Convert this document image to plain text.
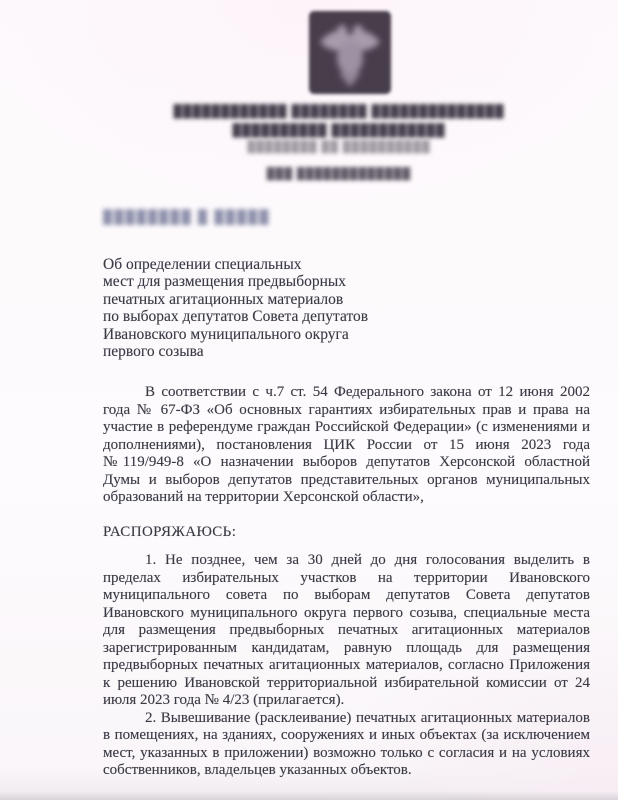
████████████ ████████ ██████████████
██████████ ████████████
████████ ██ ██████████
███ █████████████
████████ █ █████
Об определении специальных
мест для размещения предвыборных
печатных агитационных материалов
по выборах депутатов Совета депутатов
Ивановского муниципального округа
первого созыва

В соответствии с ч.7 ст. 54 Федерального закона от 12 июня 2002 года № 67-ФЗ «Об основных гарантиях избирательных прав и права на участие в референдуме граждан Российской Федерации» (с изменениями и дополнениями), постановления ЦИК России от 15 июня 2023 года №119/949-8 «О назначении выборов депутатов Херсонской областной Думы и выборов депутатов представительных органов муниципальных образований на территории Херсонской области»,

РАСПОРЯЖАЮСЬ:

1. Не позднее, чем за 30 дней до дня голосования выделить в пределах избирательных участков на территории Ивановского муниципального совета по выборам депутатов Совета депутатов Ивановского муниципального округа первого созыва, специальные места для размещения предвыборных печатных агитационных материалов зарегистрированным кандидатам, равную площадь для размещения предвыборных печатных агитационных материалов, согласно Приложения к решению Ивановской территориальной избирательной комиссии от 24 июля 2023 года № 4/23 (прилагается).

2. Вывешивание (расклеивание) печатных агитационных материалов в помещениях, на зданиях, сооружениях и иных объектах (за исключением мест, указанных в приложении) возможно только с согласия и на условиях собственников, владельцев указанных объектов.
